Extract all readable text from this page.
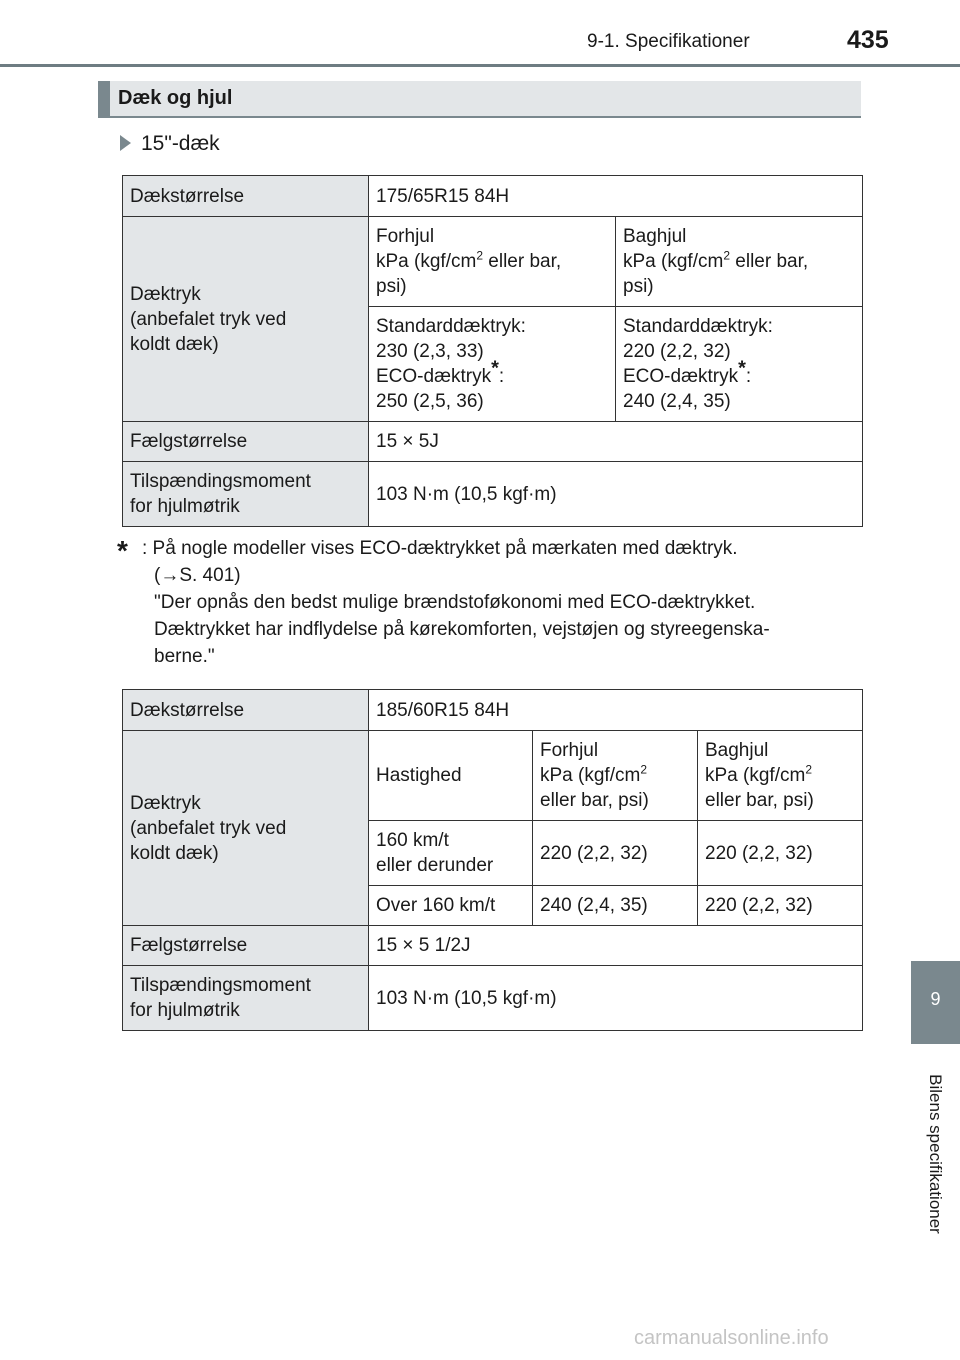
9-1. Specifikationer	435
Dæk og hjul
15"-dæk
Dækstørrelse	175/65R15 84H	
Dæktryk
(anbefalet tryk ved
koldt dæk)	Forhjul
kPa ($kgf/cm^2$ eller bar,
psi)	Baghjul
kPa ($kgf/cm^2$ eller bar,
psi)
	Standarddæktryk:
230 (2,3, 33)
ECO-dæktryk*:
250 (2,5, 36)	Standarddæktryk:
220 (2,2, 32)
ECO-dæktryk*:
240 (2,4, 35)
Fælgstørrelse	15 × 5J	
Tilspændingsmoment
for hjulmøtrik	103 N·m (10,5 kgf·m)	
* : På nogle modeller vises ECO-dæktrykket på mærkaten med dæktryk.

(→S. 401)

"Der opnås den bedst mulige brændstoføkonomi med ECO-dæktrykket.

Dæktrykket har indflydelse på kørekomforten, vejstøjen og styreegenska-

berne."

Dækstørrelse	185/60R15 84H		
Dæktryk
(anbefalet tryk ved
koldt dæk)	Hastighed	Forhjul
kPa ($kgf/cm^2$
eller bar, psi)	Baghjul
kPa ($kgf/cm^2$
eller bar, psi)
	160 km/t
eller derunder	220 (2,2, 32)	220 (2,2, 32)
	Over 160 km/t	240 (2,4, 35)	220 (2,2, 32)
Fælgstørrelse	15 × 5 1/2J		
Tilspændingsmoment
for hjulmøtrik	103 N·m (10,5 kgf·m)			9
Bilens specifikationer
carmanualsonline.info
